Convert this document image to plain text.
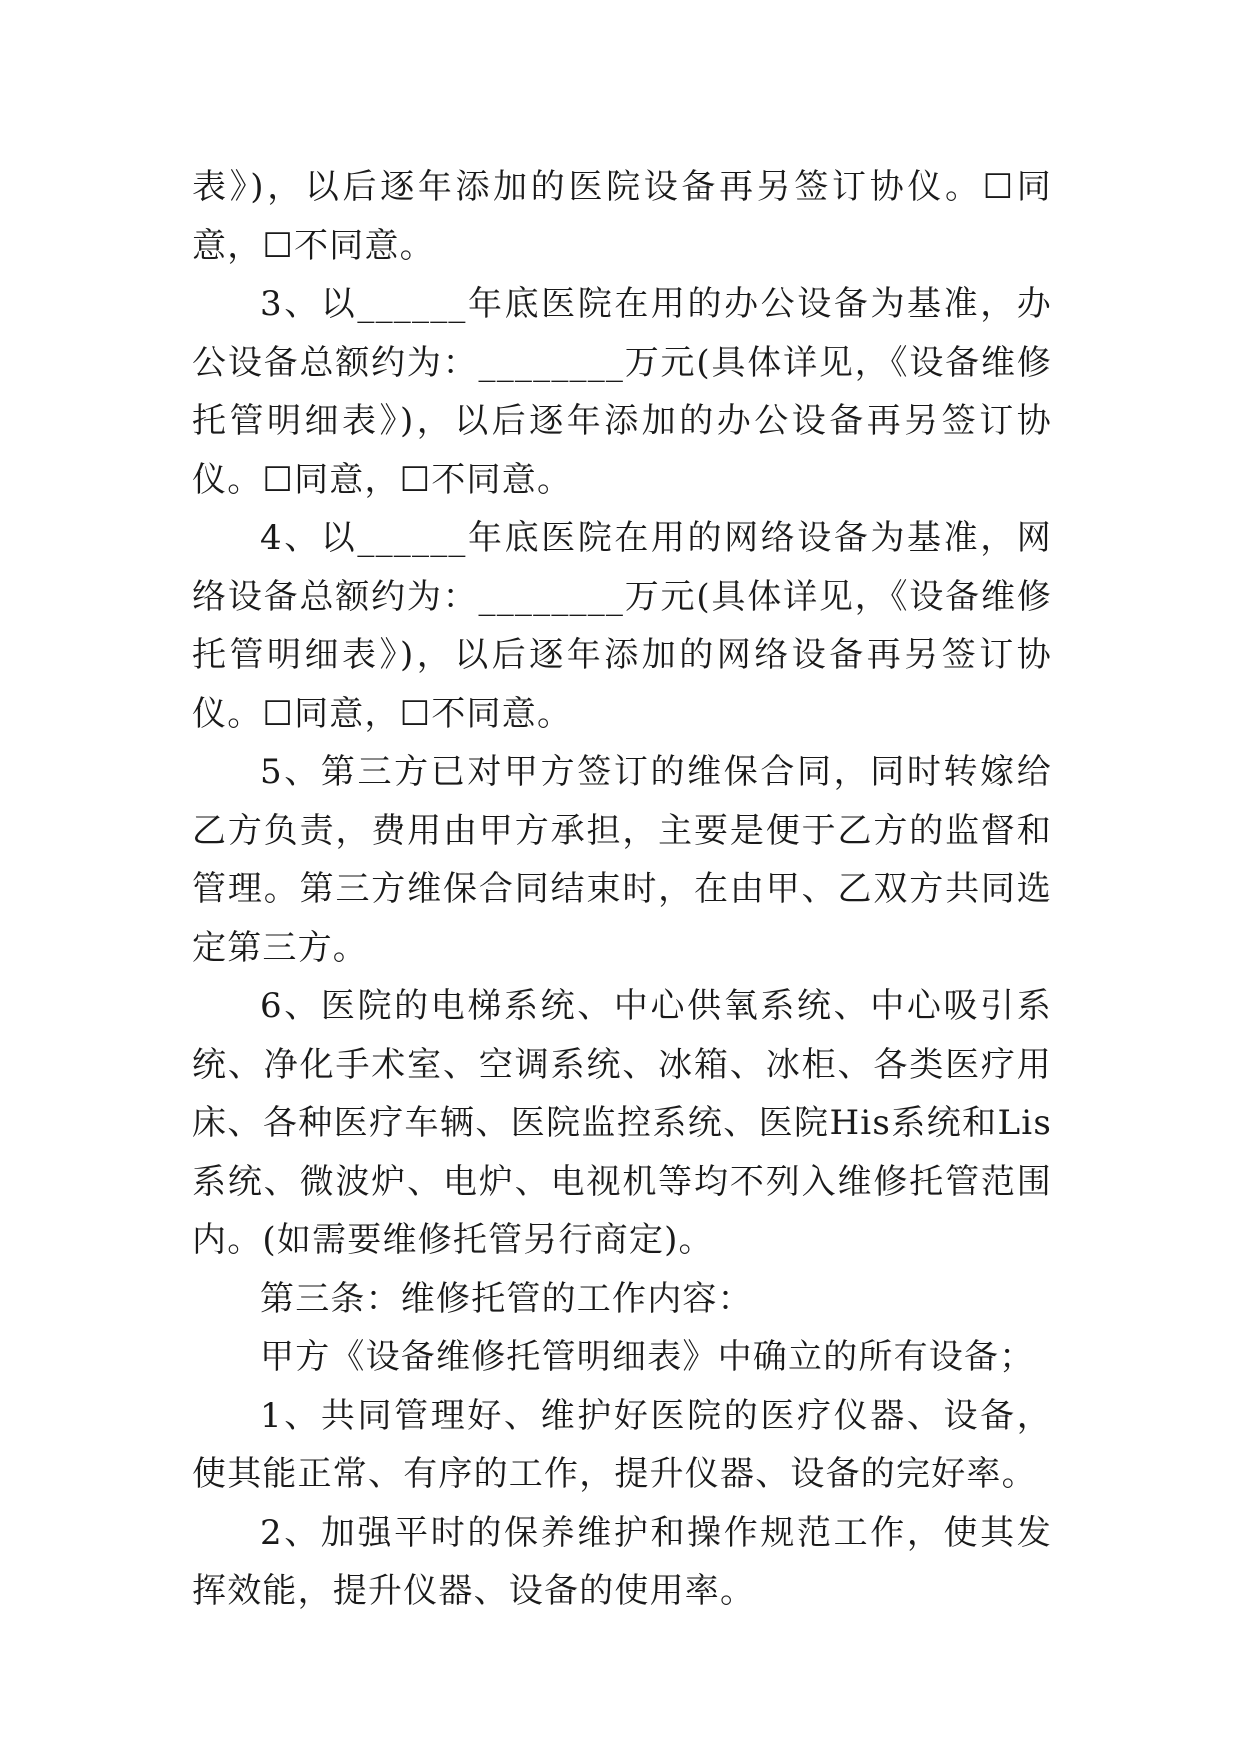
表》)，以后逐年添加的医院设备再另签订协仪。☐同意，☐不同意。

3、以______年底医院在用的办公设备为基准，办公设备总额约为：________万元(具体详见，《设备维修托管明细表》)，以后逐年添加的办公设备再另签订协仪。☐同意，☐不同意。

4、以______年底医院在用的网络设备为基准，网络设备总额约为：________万元(具体详见，《设备维修托管明细表》)，以后逐年添加的网络设备再另签订协仪。☐同意，☐不同意。

5、第三方已对甲方签订的维保合同，同时转嫁给乙方负责，费用由甲方承担，主要是便于乙方的监督和管理。第三方维保合同结束时，在由甲、乙双方共同选定第三方。

6、医院的电梯系统、中心供氧系统、中心吸引系统、净化手术室、空调系统、冰箱、冰柜、各类医疗用床、各种医疗车辆、医院监控系统、医院His系统和Lis系统、微波炉、电炉、电视机等均不列入维修托管范围内。(如需要维修托管另行商定)。

第三条：维修托管的工作内容：

甲方《设备维修托管明细表》中确立的所有设备；

1、共同管理好、维护好医院的医疗仪器、设备，使其能正常、有序的工作，提升仪器、设备的完好率。

2、加强平时的保养维护和操作规范工作，使其发挥效能，提升仪器、设备的使用率。
